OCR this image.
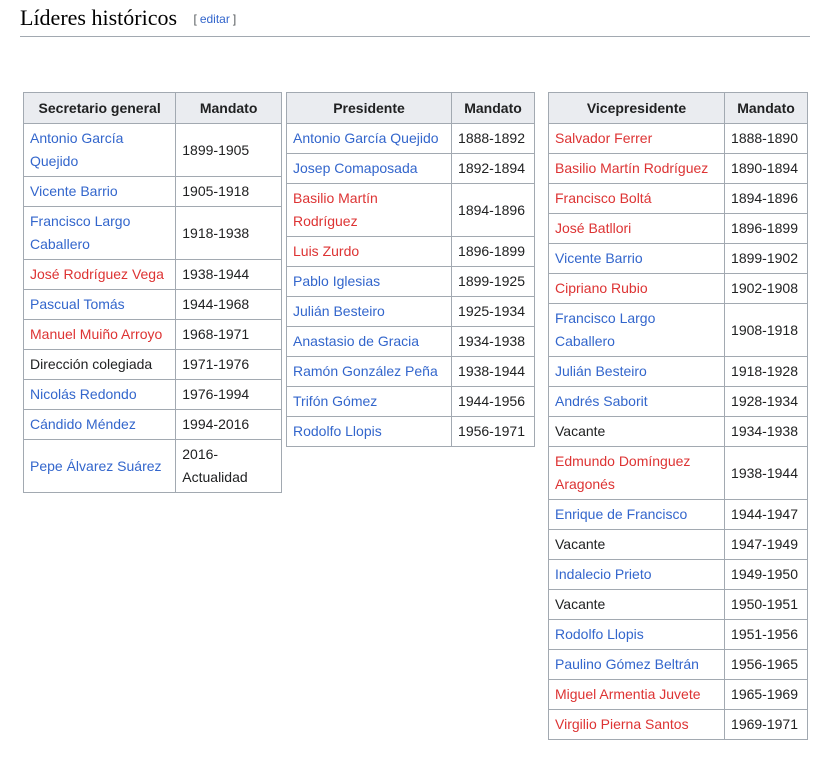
Líderes históricos [ editar ]
Secretario general	Mandato
Antonio García Quejido	1899-1905
Vicente Barrio	1905-1918
Francisco Largo Caballero	1918-1938
José Rodríguez Vega	1938-1944
Pascual Tomás	1944-1968
Manuel Muiño Arroyo	1968-1971
Dirección colegiada	1971-1976
Nicolás Redondo	1976-1994
Cándido Méndez	1994-2016
Pepe Álvarez Suárez	2016-Actualidad
Presidente	Mandato
Antonio García Quejido	1888-1892
Josep Comaposada	1892-1894
Basilio Martín Rodríguez	1894-1896
Luis Zurdo	1896-1899
Pablo Iglesias	1899-1925
Julián Besteiro	1925-1934
Anastasio de Gracia	1934-1938
Ramón González Peña	1938-1944
Trifón Gómez	1944-1956
Rodolfo Llopis	1956-1971
Vicepresidente	Mandato
Salvador Ferrer	1888-1890
Basilio Martín Rodríguez	1890-1894
Francisco Boltá	1894-1896
José Batllori	1896-1899
Vicente Barrio	1899-1902
Cipriano Rubio	1902-1908
Francisco Largo Caballero	1908-1918
Julián Besteiro	1918-1928
Andrés Saborit	1928-1934
Vacante	1934-1938
Edmundo Domínguez Aragonés	1938-1944
Enrique de Francisco	1944-1947
Vacante	1947-1949
Indalecio Prieto	1949-1950
Vacante	1950-1951
Rodolfo Llopis	1951-1956
Paulino Gómez Beltrán	1956-1965
Miguel Armentia Juvete	1965-1969
Virgilio Pierna Santos	1969-1971
